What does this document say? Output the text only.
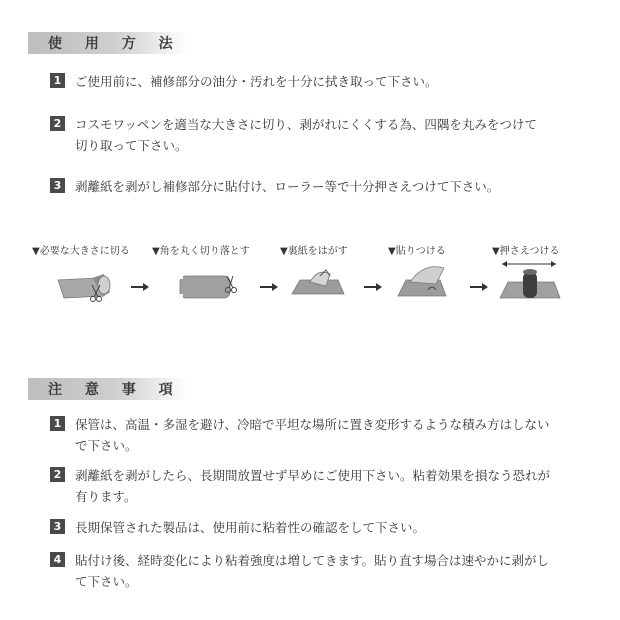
使 用 方 法
1 ご使用前に、補修部分の油分・汚れを十分に拭き取って下さい。
2 コスモワッペンを適当な大きさに切り、剥がれにくくする為、四隅を丸みをつけて
切り取って下さい。
3 剥離紙を剥がし補修部分に貼付け、ローラー等で十分押さえつけて下さい。
▼必要な大きさに切る ▼角を丸く切り落とす	▼裏紙をはがす	▼貼りつける	▼押さえつける
注 意 事 項
1 保管は、高温・多湿を避け、冷暗で平坦な場所に置き変形するような積み方はしない
で下さい。
2 剥離紙を剥がしたら、長期間放置せず早めにご使用下さい。粘着効果を損なう恐れが
有ります。
3 長期保管された製品は、使用前に粘着性の確認をして下さい。
4 貼付け後、経時変化により粘着強度は増してきます。貼り直す場合は速やかに剥がし
て下さい。
